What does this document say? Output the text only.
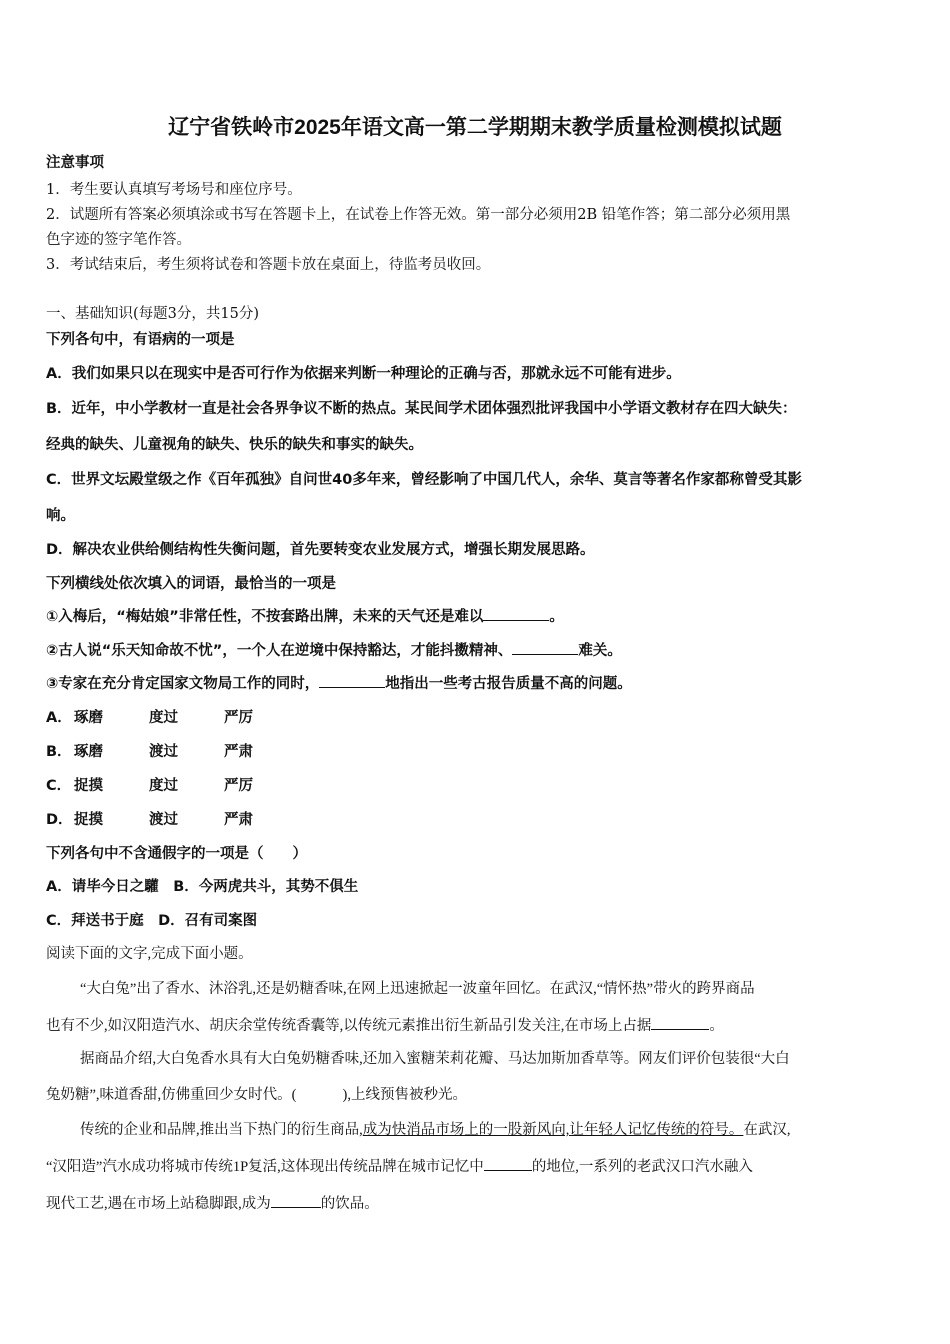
辽宁省铁岭市2025年语文高一第二学期期末教学质量检测模拟试题
注意事项
1．考生要认真填写考场号和座位序号。
2．试题所有答案必须填涂或书写在答题卡上，在试卷上作答无效。第一部分必须用2B 铅笔作答；第二部分必须用黑
色字迹的签字笔作答。
3．考试结束后，考生须将试卷和答题卡放在桌面上，待监考员收回。
一、基础知识(每题3分，共15分)
下列各句中，有语病的一项是
A．我们如果只以在现实中是否可行作为依据来判断一种理论的正确与否，那就永远不可能有进步。
B．近年，中小学教材一直是社会各界争议不断的热点。某民间学术团体强烈批评我国中小学语文教材存在四大缺失：
经典的缺失、儿童视角的缺失、快乐的缺失和事实的缺失。
C．世界文坛殿堂级之作《百年孤独》自问世40多年来，曾经影响了中国几代人，余华、莫言等著名作家都称曾受其影
响。
D．解决农业供给侧结构性失衡问题，首先要转变农业发展方式，增强长期发展思路。
下列横线处依次填入的词语，最恰当的一项是
①入梅后，“梅姑娘”非常任性，不按套路出牌，未来的天气还是难以	。
②古人说“乐天知命故不忧”，一个人在逆境中保持豁达，才能抖擞精神、	难关。
③专家在充分肯定国家文物局工作的同时，	地指出一些考古报告质量不高的问题。
A． 琢磨	度过	严厉
B． 琢磨	渡过	严肃
C． 捉摸	度过	严厉
D．捉摸	渡过	严肃
下列各句中不含通假字的一项是（　　）
A．请毕今日之驩　B．今两虎共斗，其势不俱生
C．拜送书于庭　D．召有司案图
阅读下面的文字,完成下面小题。
“大白兔”出了香水、沐浴乳,还是奶糖香味,在网上迅速掀起一波童年回忆。在武汉,“情怀热”带火的跨界商品
也有不少,如汉阳造汽水、胡庆余堂传统香囊等,以传统元素推出衍生新品引发关注,在市场上占据	。
据商品介绍,大白兔香水具有大白兔奶糖香味,还加入蜜糖茉莉花瓣、马达加斯加香草等。网友们评价包装很“大白
兔奶糖”,味道香甜,仿佛重回少女时代。(	),上线预售被秒光。
传统的企业和品牌,推出当下热门的衍生商品,成为快消品市场上的一股新风向,让年轻人记忆传统的符号。在武汉,
“汉阳造”汽水成功将城市传统1P复活,这体现出传统品牌在城市记忆中	的地位,一系列的老武汉口汽水融入
现代工艺,遇在市场上站稳脚跟,成为	的饮品。
